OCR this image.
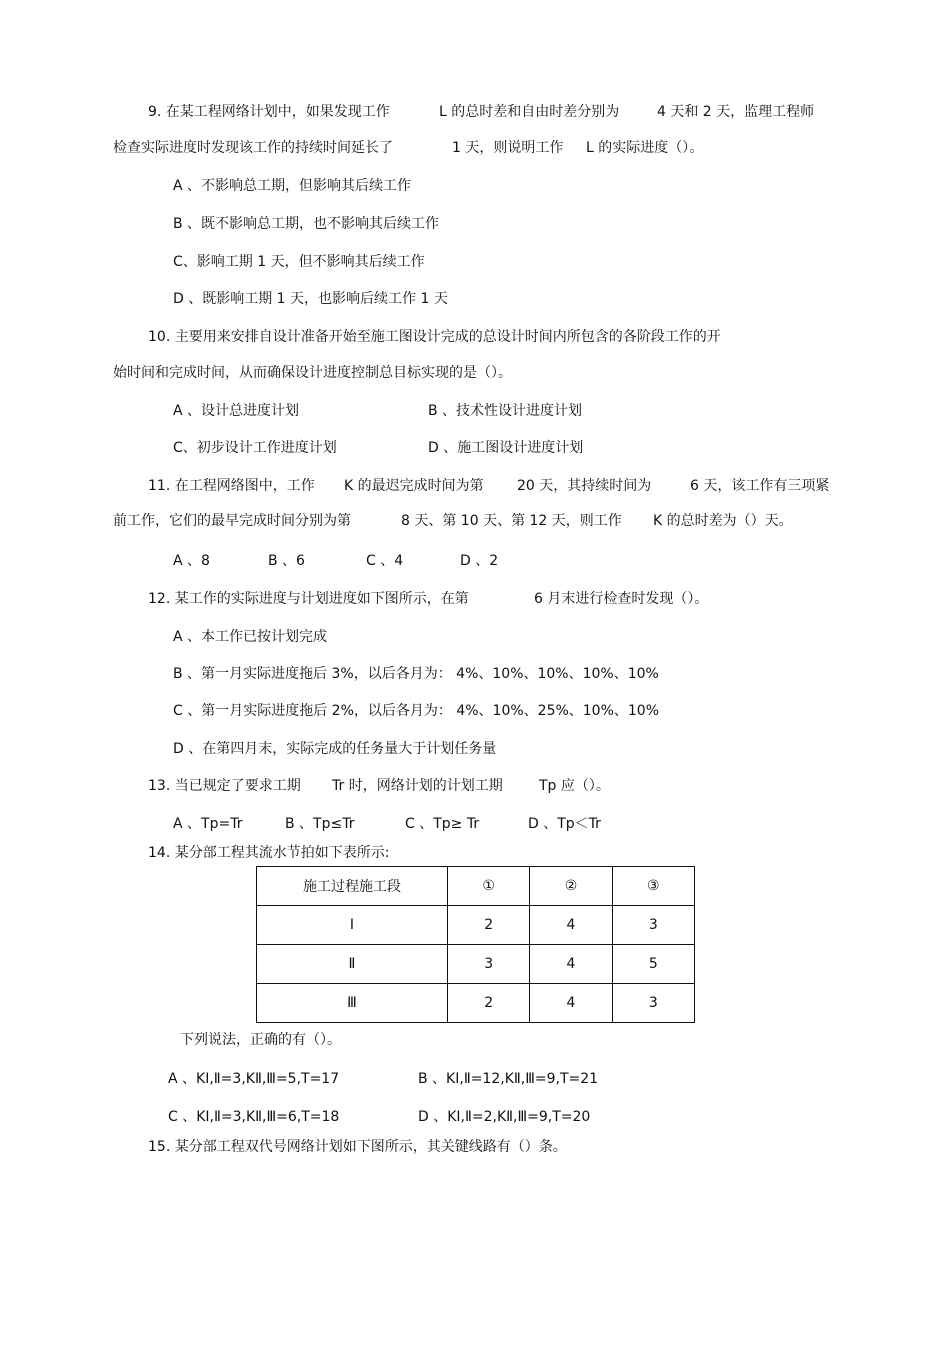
9. 在某工程网络计划中，如果发现工作	L 的总时差和自由时差分别为	4 天和 2 天，监理工程师
检查实际进度时发现该工作的持续时间延长了	1 天，则说明工作 L 的实际进度（）。
A 、不影响总工期，但影响其后续工作
B 、既不影响总工期，也不影响其后续工作
C、影响工期 1 天，但不影响其后续工作
D 、既影响工期 1 天，也影响后续工作 1 天
10. 主要用来安排自设计准备开始至施工图设计完成的总设计时间内所包含的各阶段工作的开
始时间和完成时间，从而确保设计进度控制总目标实现的是（）。
A 、设计总进度计划	B 、技术性设计进度计划
C、初步设计工作进度计划	D 、施工图设计进度计划
11. 在工程网络图中，工作 K 的最迟完成时间为第 20 天，其持续时间为	6 天，该工作有三项紧
前工作，它们的最早完成时间分别为第	8 天、第 10 天、第 12 天，则工作 K 的总时差为（）天。
A 、8	B 、6	C 、4	D 、2
12. 某工作的实际进度与计划进度如下图所示，在第	6 月末进行检查时发现（）。
A 、本工作已按计划完成
B 、第一月实际进度拖后 3%，以后各月为： 4%、10%、10%、10%、10%
C 、第一月实际进度拖后 2%，以后各月为： 4%、10%、25%、10%、10%
D 、在第四月末，实际完成的任务量大于计划任务量
13. 当已规定了要求工期 Tr 时，网络计划的计划工期	Tp 应（）。
A 、Tp=Tr	B 、Tp≤Tr	C 、Tp≥ Tr	D 、Tp＜Tr
14. 某分部工程其流水节拍如下表所示:
施工过程施工段	①	②	③
Ⅰ	2	4	3
Ⅱ	3	4	5
Ⅲ	2	4	3
下列说法，正确的有（）。
A 、KⅠ,Ⅱ=3,KⅡ,Ⅲ=5,T=17	B 、KⅠ,Ⅱ=12,KⅡ,Ⅲ=9,T=21
C 、KⅠ,Ⅱ=3,KⅡ,Ⅲ=6,T=18	D 、KⅠ,Ⅱ=2,KⅡ,Ⅲ=9,T=20
15. 某分部工程双代号网络计划如下图所示，其关键线路有（）条。
